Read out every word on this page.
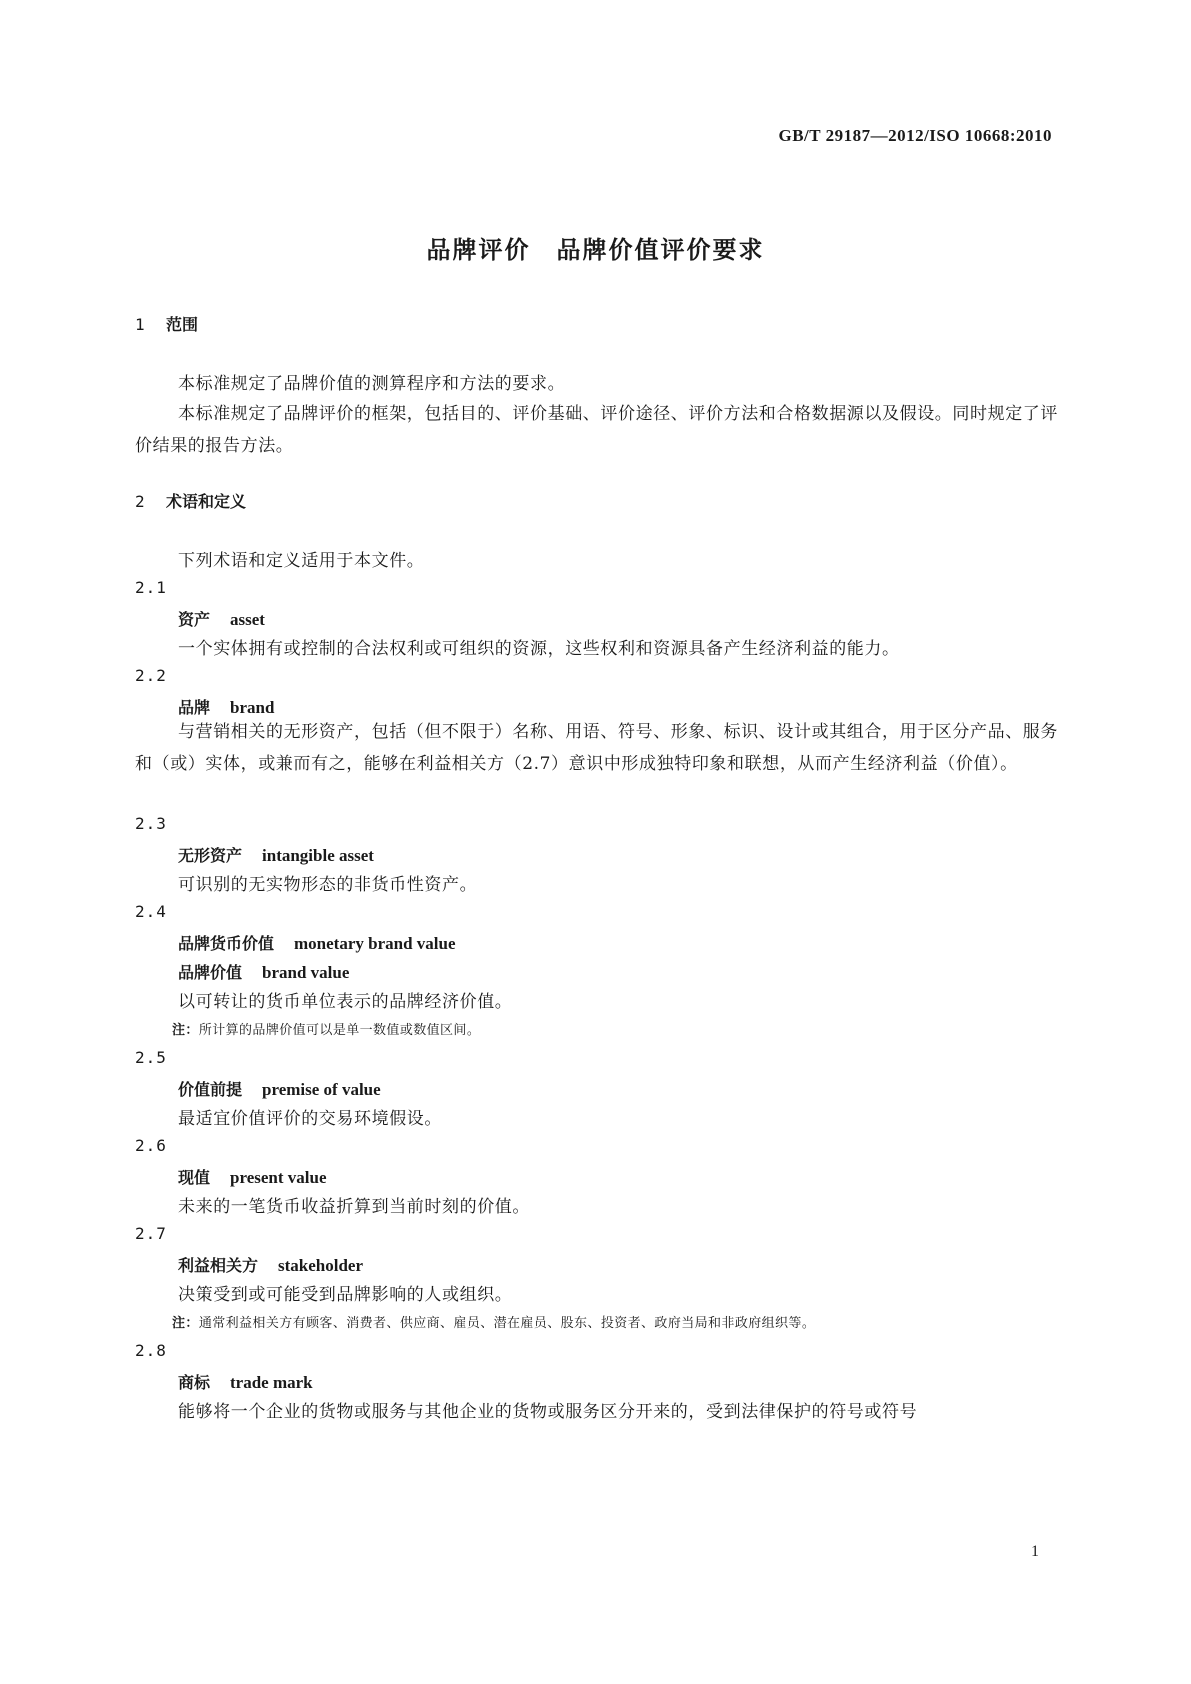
GB/T 29187—2012/ISO 10668:2010
品牌评价　品牌价值评价要求
1 范围
本标准规定了品牌价值的测算程序和方法的要求。
本标准规定了品牌评价的框架，包括目的、评价基础、评价途径、评价方法和合格数据源以及假设。同时规定了评价结果的报告方法。
2 术语和定义
下列术语和定义适用于本文件。
2.1
资产 asset
一个实体拥有或控制的合法权利或可组织的资源，这些权利和资源具备产生经济利益的能力。
2.2
品牌 brand
与营销相关的无形资产，包括（但不限于）名称、用语、符号、形象、标识、设计或其组合，用于区分产品、服务和（或）实体，或兼而有之，能够在利益相关方（2.7）意识中形成独特印象和联想，从而产生经济利益（价值）。
2.3
无形资产 intangible asset
可识别的无实物形态的非货币性资产。
2.4
品牌货币价值 monetary brand value
品牌价值 brand value
以可转让的货币单位表示的品牌经济价值。
注：所计算的品牌价值可以是单一数值或数值区间。
2.5
价值前提 premise of value
最适宜价值评价的交易环境假设。
2.6
现值 present value
未来的一笔货币收益折算到当前时刻的价值。
2.7
利益相关方 stakeholder
决策受到或可能受到品牌影响的人或组织。
注：通常利益相关方有顾客、消费者、供应商、雇员、潜在雇员、股东、投资者、政府当局和非政府组织等。
2.8
商标 trade mark
能够将一个企业的货物或服务与其他企业的货物或服务区分开来的，受到法律保护的符号或符号
1
